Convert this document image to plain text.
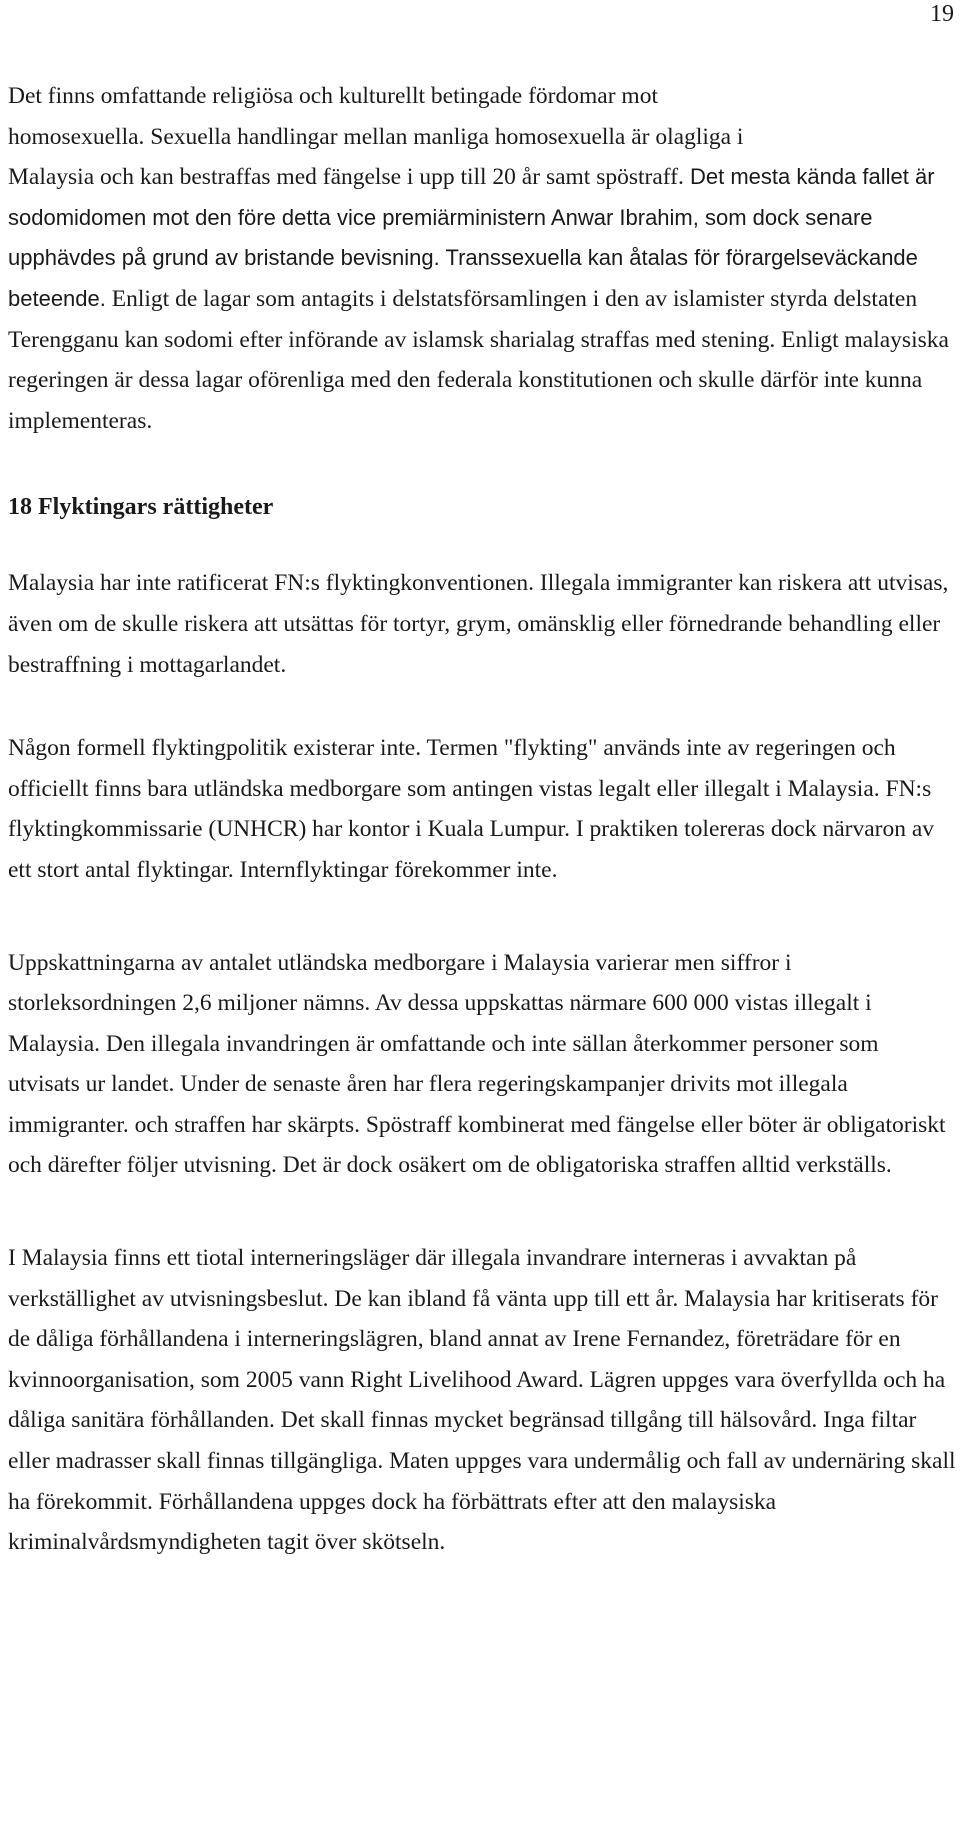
19

Det finns omfattande religiösa och kulturellt betingade fördomar mot
homosexuella. Sexuella handlingar mellan manliga homosexuella är olagliga i
Malaysia och kan bestraffas med fängelse i upp till 20 år samt spöstraff. Det mesta kända fallet är sodomidomen mot den före detta vice premiärministern Anwar Ibrahim, som dock senare upphävdes på grund av bristande bevisning. Transsexuella kan åtalas för förargelseväckande beteende. Enligt de lagar som antagits i delstatsförsamlingen i den av islamister styrda delstaten Terengganu kan sodomi efter införande av islamsk sharialag straffas med stening. Enligt malaysiska regeringen är dessa lagar oförenliga med den federala konstitutionen och skulle därför inte kunna implementeras.

18 Flyktingars rättigheter

Malaysia har inte ratificerat FN:s flyktingkonventionen. Illegala immigranter kan riskera att utvisas, även om de skulle riskera att utsättas för tortyr, grym, omänsklig eller förnedrande behandling eller bestraffning i mottagarlandet.

Någon formell flyktingpolitik existerar inte. Termen "flykting" används inte av regeringen och officiellt finns bara utländska medborgare som antingen vistas legalt eller illegalt i Malaysia. FN:s flyktingkommissarie (UNHCR) har kontor i Kuala Lumpur. I praktiken tolereras dock närvaron av ett stort antal flyktingar. Internflyktingar förekommer inte.

Uppskattningarna av antalet utländska medborgare i Malaysia varierar men siffror i storleksordningen 2,6 miljoner nämns. Av dessa uppskattas närmare 600 000 vistas illegalt i Malaysia. Den illegala invandringen är omfattande och inte sällan återkommer personer som utvisats ur landet. Under de senaste åren har flera regeringskampanjer drivits mot illegala immigranter. och straffen har skärpts. Spöstraff kombinerat med fängelse eller böter är obligatoriskt och därefter följer utvisning. Det är dock osäkert om de obligatoriska straffen alltid verkställs.

I Malaysia finns ett tiotal interneringsläger där illegala invandrare interneras i avvaktan på verkställighet av utvisningsbeslut. De kan ibland få vänta upp till ett år. Malaysia har kritiserats för de dåliga förhållandena i interneringslägren, bland annat av Irene Fernandez, företrädare för en kvinnoorganisation, som 2005 vann Right Livelihood Award. Lägren uppges vara överfyllda och ha dåliga sanitära förhållanden. Det skall finnas mycket begränsad tillgång till hälsovård. Inga filtar eller madrasser skall finnas tillgängliga. Maten uppges vara undermålig och fall av undernäring skall ha förekommit. Förhållandena uppges dock ha förbättrats efter att den malaysiska kriminalvårdsmyndigheten tagit över skötseln.
